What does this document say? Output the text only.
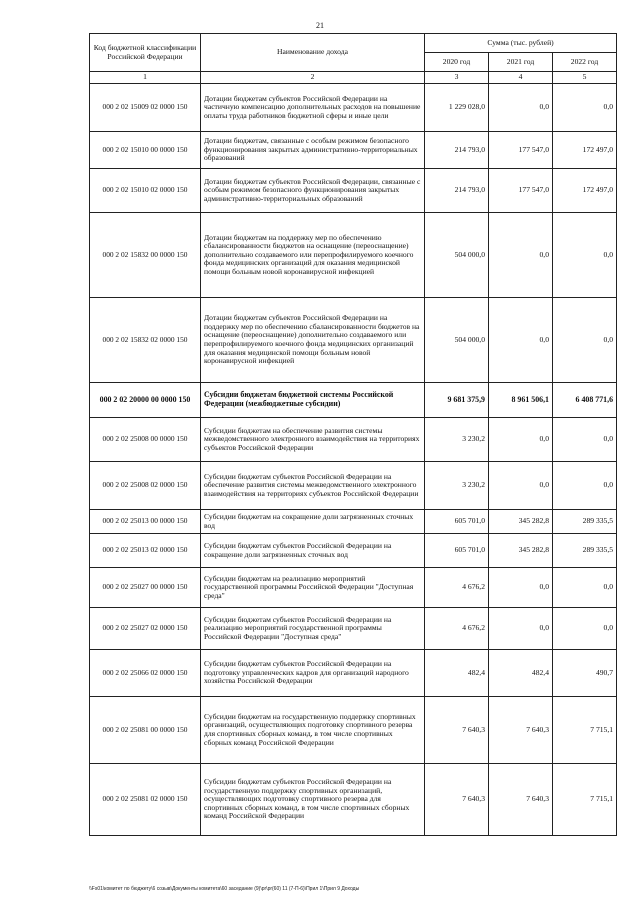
21
Код бюджетной классификации Российской Федерации	Наименование дохода	Сумма (тыс. рублей)		
		2020 год	2021 год	2022 год
1	2	3	4	5
000 2 02 15009 02 0000 150	Дотации бюджетам субъектов Российской Федерации на частичную компенсацию дополнительных расходов на повышение оплаты труда работников бюджетной сферы и иные цели	1 229 028,0	0,0	0,0
000 2 02 15010 00 0000 150	Дотации бюджетам, связанные с особым режимом безопасного функционирования закрытых административно-территориальных образований	214 793,0	177 547,0	172 497,0
000 2 02 15010 02 0000 150	Дотации бюджетам субъектов Российской Федерации, связанные с особым режимом безопасного функционирования закрытых административно-территориальных образований	214 793,0	177 547,0	172 497,0
000 2 02 15832 00 0000 150	Дотации бюджетам на поддержку мер по обеспечению сбалансированности бюджетов на оснащение (переоснащение) дополнительно создаваемого или перепрофилируемого коечного фонда медицинских организаций для оказания медицинской помощи больным новой коронавирусной инфекцией	504 000,0	0,0	0,0
000 2 02 15832 02 0000 150	Дотации бюджетам субъектов Российской Федерации на поддержку мер по обеспечению сбалансированности бюджетов на оснащение (переоснащение) дополнительно создаваемого или перепрофилируемого коечного фонда медицинских организаций для оказания медицинской помощи больным новой коронавирусной инфекцией	504 000,0	0,0	0,0
000 2 02 20000 00 0000 150	Субсидии бюджетам бюджетной системы Российской Федерации (межбюджетные субсидии)	9 681 375,9	8 961 506,1	6 408 771,6
000 2 02 25008 00 0000 150	Субсидии бюджетам на обеспечение развития системы межведомственного электронного взаимодействия на территориях субъектов Российской Федерации	3 230,2	0,0	0,0
000 2 02 25008 02 0000 150	Субсидии бюджетам субъектов Российской Федерации на обеспечение развития системы межведомственного электронного взаимодействия на территориях субъектов Российской Федерации	3 230,2	0,0	0,0
000 2 02 25013 00 0000 150	Субсидии бюджетам на сокращение доли загрязненных сточных вод	605 701,0	345 282,8	289 335,5
000 2 02 25013 02 0000 150	Субсидии бюджетам субъектов Российской Федерации на сокращение доли загрязненных сточных вод	605 701,0	345 282,8	289 335,5
000 2 02 25027 00 0000 150	Субсидии бюджетам на реализацию мероприятий государственной программы Российской Федерации "Доступная среда"	4 676,2	0,0	0,0
000 2 02 25027 02 0000 150	Субсидии бюджетам субъектов Российской Федерации на реализацию мероприятий государственной программы Российской Федерации "Доступная среда"	4 676,2	0,0	0,0
000 2 02 25066 02 0000 150	Субсидии бюджетам субъектов Российской Федерации на подготовку управленческих кадров для организаций народного хозяйства Российской Федерации	482,4	482,4	490,7
000 2 02 25081 00 0000 150	Субсидии бюджетам на государственную поддержку спортивных организаций, осуществляющих подготовку спортивного резерва для спортивных сборных команд, в том числе спортивных сборных команд Российской Федерации	7 640,3	7 640,3	7 715,1
000 2 02 25081 02 0000 150	Субсидии бюджетам субъектов Российской Федерации на государственную поддержку спортивных организаций, осуществляющих подготовку спортивного резерва для спортивных сборных команд, в том числе спортивных сборных команд Российской Федерации	7 640,3	7 640,3	7 715,1
\\Fs01\комитет по бюджету\6 созыв\Документы комитета\60 заседание (9)\pr\pr(60) 11 (7-П-6)\Прил 1\Прил 9 Доходы
